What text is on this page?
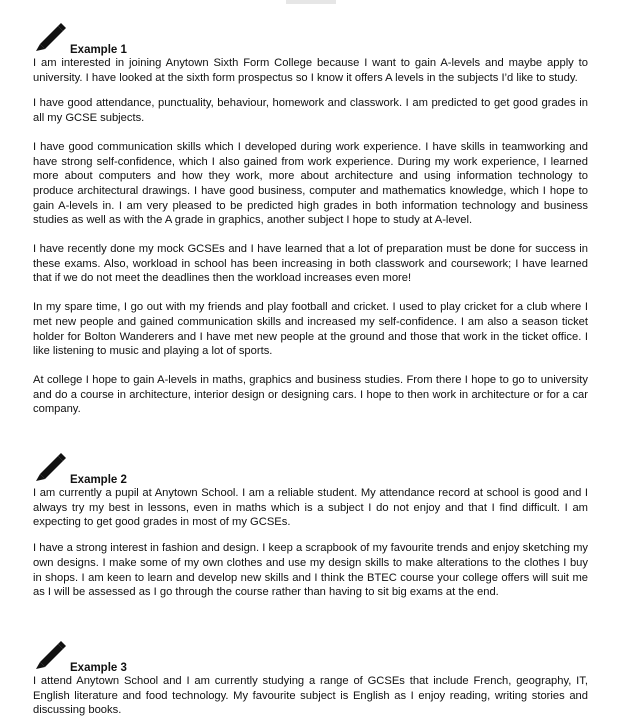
Example 1

I am interested in joining Anytown Sixth Form College because I want to gain A-levels and maybe apply to university. I have looked at the sixth form prospectus so I know it offers A levels in the subjects I’d like to study.

I have good attendance, punctuality, behaviour, homework and classwork. I am predicted to get good grades in all my GCSE subjects.

I have good communication skills which I developed during work experience. I have skills in teamworking and have strong self-confidence, which I also gained from work experience. During my work experience, I learned more about computers and how they work, more about architecture and using information technology to produce architectural drawings. I have good business, computer and mathematics knowledge, which I hope to gain A-levels in. I am very pleased to be predicted high grades in both information technology and business studies as well as with the A grade in graphics, another subject I hope to study at A-level.

I have recently done my mock GCSEs and I have learned that a lot of preparation must be done for success in these exams. Also, workload in school has been increasing in both classwork and coursework; I have learned that if we do not meet the deadlines then the workload increases even more!

In my spare time, I go out with my friends and play football and cricket. I used to play cricket for a club where I met new people and gained communication skills and increased my self-confidence. I am also a season ticket holder for Bolton Wanderers and I have met new people at the ground and those that work in the ticket office. I like listening to music and playing a lot of sports.

At college I hope to gain A-levels in maths, graphics and business studies. From there I hope to go to university and do a course in architecture, interior design or designing cars. I hope to then work in architecture or for a car company.

Example 2

I am currently a pupil at Anytown School. I am a reliable student. My attendance record at school is good and I always try my best in lessons, even in maths which is a subject I do not enjoy and that I find difficult. I am expecting to get good grades in most of my GCSEs.

I have a strong interest in fashion and design. I keep a scrapbook of my favourite trends and enjoy sketching my own designs. I make some of my own clothes and use my design skills to make alterations to the clothes I buy in shops. I am keen to learn and develop new skills and I think the BTEC course your college offers will suit me as I will be assessed as I go through the course rather than having to sit big exams at the end.

Example 3

I attend Anytown School and I am currently studying a range of GCSEs that include French, geography, IT, English literature and food technology. My favourite subject is English as I enjoy reading, writing stories and discussing books.
